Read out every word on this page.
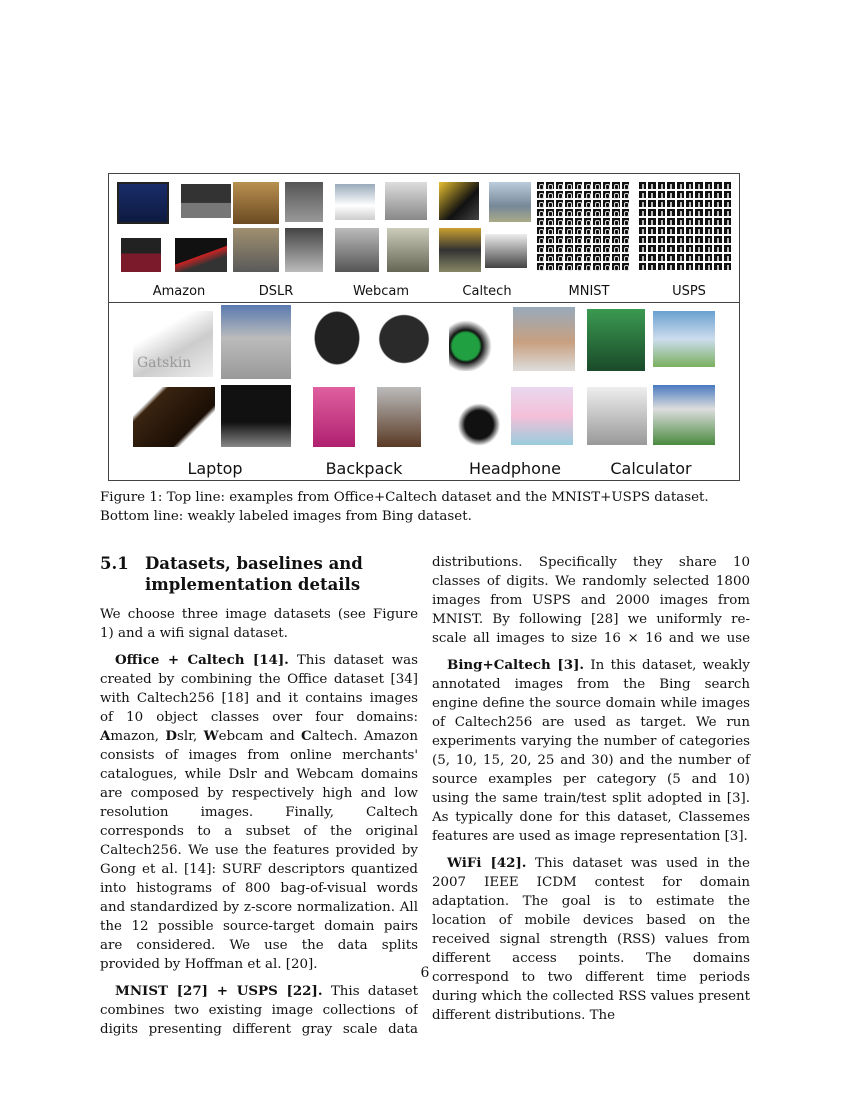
Amazon	DSLR	Webcam	Caltech	MNIST	USPS
Gatskin
Laptop	Backpack	Headphone	Calculator
Figure 1: Top line: examples from Office+Caltech dataset and the MNIST+USPS dataset. Bottom line: weakly labeled images from Bing dataset.
5.1 Datasets, baselines and implementation details

We choose three image datasets (see Figure 1) and a wifi signal dataset.

Office + Caltech [14]. This dataset was created by combining the Office dataset [34] with Caltech256 [18] and it contains images of 10 object classes over four domains: Amazon, Dslr, Webcam and Caltech. Amazon consists of images from online merchants' catalogues, while Dslr and Webcam domains are composed by respectively high and low resolution images. Finally, Caltech corresponds to a subset of the original Caltech256. We use the features provided by Gong et al. [14]: SURF descriptors quantized into histograms of 800 bag-of-visual words and standardized by z-score normalization. All the 12 possible source-target domain pairs are considered. We use the data splits provided by Hoffman et al. [20].

MNIST [27] + USPS [22]. This dataset combines two existing image collections of digits presenting different gray scale data

distributions. Specifically they share 10 classes of digits. We randomly selected 1800 images from USPS and 2000 images from MNIST. By following [28] we uniformly re-scale all images to size 16 × 16 and we use

Bing+Caltech [3]. In this dataset, weakly annotated images from the Bing search engine define the source domain while images of Caltech256 are used as target. We run experiments varying the number of categories (5, 10, 15, 20, 25 and 30) and the number of source examples per category (5 and 10) using the same train/test split adopted in [3]. As typically done for this dataset, Classemes features are used as image representation [3].

WiFi [42]. This dataset was used in the 2007 IEEE ICDM contest for domain adaptation. The goal is to estimate the location of mobile devices based on the received signal strength (RSS) values from different access points. The domains correspond to two different time periods during which the collected RSS values present different distributions. The

6
